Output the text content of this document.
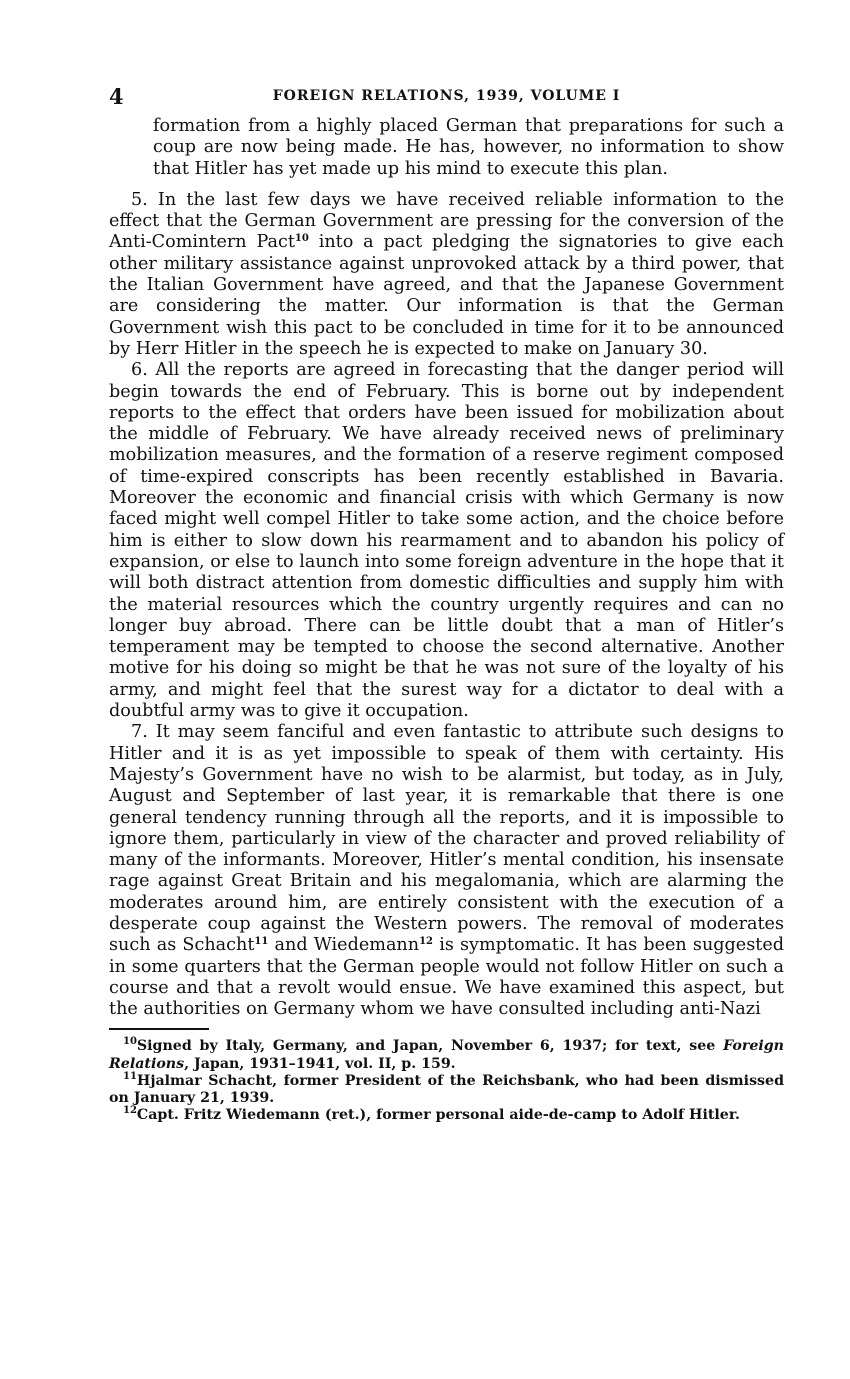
4	FOREIGN RELATIONS, 1939, VOLUME I

formation from a highly placed German that preparations for such a coup are now being made. He has, however, no information to show that Hitler has yet made up his mind to execute this plan.

5. In the last few days we have received reliable information to the effect that the German Government are pressing for the conversion of the Anti-Comintern Pact$^{10}$ into a pact pledging the signatories to give each other military assistance against unprovoked attack by a third power, that the Italian Government have agreed, and that the Japanese Government are considering the matter. Our information is that the German Government wish this pact to be concluded in time for it to be announced by Herr Hitler in the speech he is expected to make on January 30.

6. All the reports are agreed in forecasting that the danger period will begin towards the end of February. This is borne out by independent reports to the effect that orders have been issued for mobilization about the middle of February. We have already received news of preliminary mobilization measures, and the formation of a reserve regiment composed of time-expired conscripts has been recently established in Bavaria. Moreover the economic and financial crisis with which Germany is now faced might well compel Hitler to take some action, and the choice before him is either to slow down his rearmament and to abandon his policy of expansion, or else to launch into some foreign adventure in the hope that it will both distract attention from domestic difficulties and supply him with the material resources which the country urgently requires and can no longer buy abroad. There can be little doubt that a man of Hitler’s temperament may be tempted to choose the second alternative. Another motive for his doing so might be that he was not sure of the loyalty of his army, and might feel that the surest way for a dictator to deal with a doubtful army was to give it occupation.

7. It may seem fanciful and even fantastic to attribute such designs to Hitler and it is as yet impossible to speak of them with certainty. His Majesty’s Government have no wish to be alarmist, but today, as in July, August and September of last year, it is remarkable that there is one general tendency running through all the reports, and it is impossible to ignore them, particularly in view of the character and proved reliability of many of the informants. Moreover, Hitler’s mental condition, his insensate rage against Great Britain and his megalomania, which are alarming the moderates around him, are entirely consistent with the execution of a desperate coup against the Western powers. The removal of moderates such as Schacht$^{11}$ and Wiedemann$^{12}$ is symptomatic. It has been suggested in some quarters that the German people would not follow Hitler on such a course and that a revolt would ensue. We have examined this aspect, but the authorities on Germany whom we have consulted including anti-Nazi

$^{10}$Signed by Italy, Germany, and Japan, November 6, 1937; for text, see Foreign Relations, Japan, 1931–1941, vol. II, p. 159.

$^{11}$Hjalmar Schacht, former President of the Reichsbank, who had been dismissed on January 21, 1939.

$^{12}$Capt. Fritz Wiedemann (ret.), former personal aide-de-camp to Adolf Hitler.
